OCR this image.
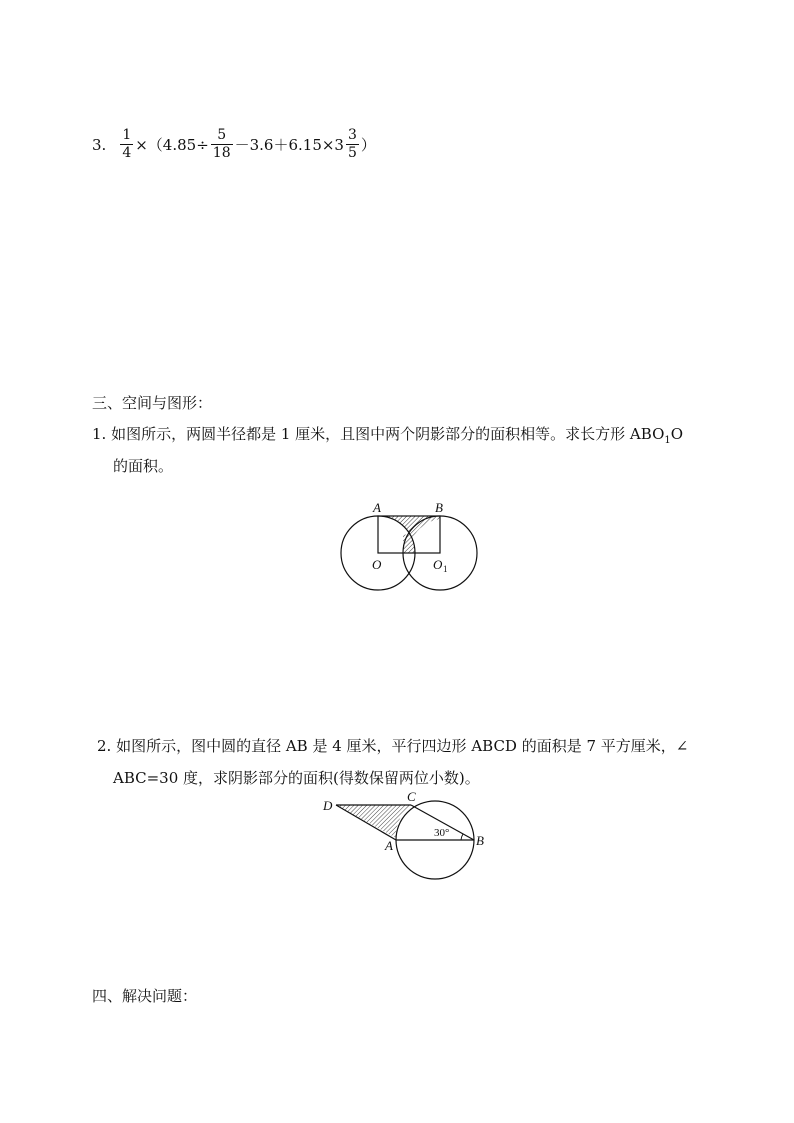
3. $\frac{1}{4} \times(4.85\div \frac{5}{18} -3.6+6.15\times 3 \frac{3}{5}$ ）
三、空间与图形：
1. 如图所示，两圆半径都是 1 厘米，且图中两个阴影部分的面积相等。求长方形 $ABO_1O$
的面积。
A	B
O	O 1
2. 如图所示，图中圆的直径 AB 是 4 厘米，平行四边形 ABCD 的面积是 7 平方厘米，∠
ABC=30 度，求阴影部分的面积(得数保留两位小数)。
D
C
A	B
30°
四、解决问题：
